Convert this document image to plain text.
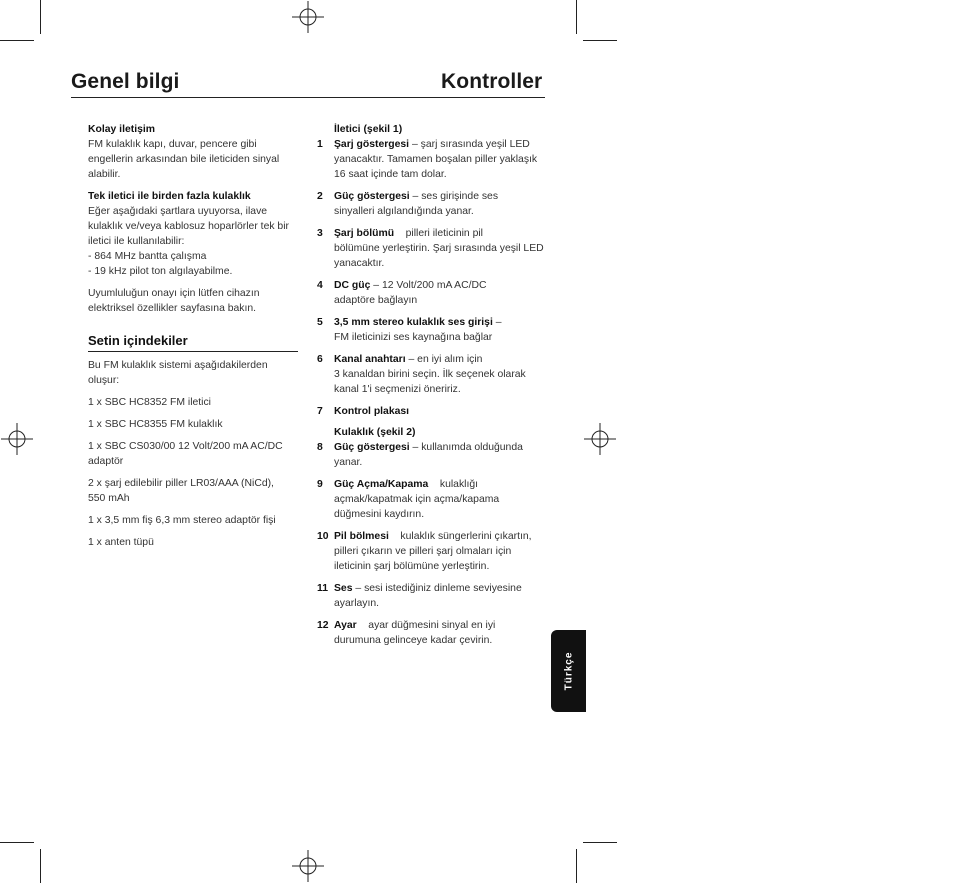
Genel bilgi	Kontroller

Kolay iletişim
FM kulaklık kapı, duvar, pencere gibi
engellerin arkasından bile ileticiden sinyal
alabilir.

Tek iletici ile birden fazla kulaklık
Eğer aşağıdaki şartlara uyuyorsa, ilave
kulaklık ve/veya kablosuz hoparlörler tek bir
iletici ile kullanılabilir:
- 864 MHz bantta çalışma
- 19 kHz pilot ton algılayabilme.

Uyumluluğun onayı için lütfen cihazın
elektriksel özellikler sayfasına bakın.

Setin içindekiler

Bu FM kulaklık sistemi aşağıdakilerden
oluşur:

1 x SBC HC8352 FM iletici

1 x SBC HC8355 FM kulaklık

1 x SBC CS030/00 12 Volt/200 mA AC/DC
adaptör

2 x şarj edilebilir piller LR03/AAA (NiCd),
550 mAh

1 x 3,5 mm fiş 6,3 mm stereo adaptör fişi

1 x anten tüpü

İletici (şekil 1)
1 Şarj göstergesi – şarj sırasında yeşil LED
yanacaktır. Tamamen boşalan piller yaklaşık
16 saat içinde tam dolar.
2 Güç göstergesi – ses girişinde ses
sinyalleri algılandığında yanar.
3 Şarj bölümü pilleri ileticinin pil
bölümüne yerleştirin. Şarj sırasında yeşil LED
yanacaktır.
4 DC güç – 12 Volt/200 mA AC/DC
adaptöre bağlayın
5 3,5 mm stereo kulaklık ses girişi –
FM ileticinizi ses kaynağına bağlar
6 Kanal anahtarı – en iyi alım için
3 kanaldan birini seçin. İlk seçenek olarak
kanal 1'i seçmenizi öneririz.
7 Kontrol plakası
Kulaklık (şekil 2)
8 Güç göstergesi – kullanımda olduğunda
yanar.
9 Güç Açma/Kapama kulaklığı
açmak/kapatmak için açma/kapama
düğmesini kaydırın.
10 Pil bölmesi kulaklık süngerlerini çıkartın,
pilleri çıkarın ve pilleri şarj olmaları için
ileticinin şarj bölümüne yerleştirin.
11 Ses – sesi istediğiniz dinleme seviyesine
ayarlayın.
12 Ayar ayar düğmesini sinyal en iyi
durumuna gelinceye kadar çevirin.
Türkçe
